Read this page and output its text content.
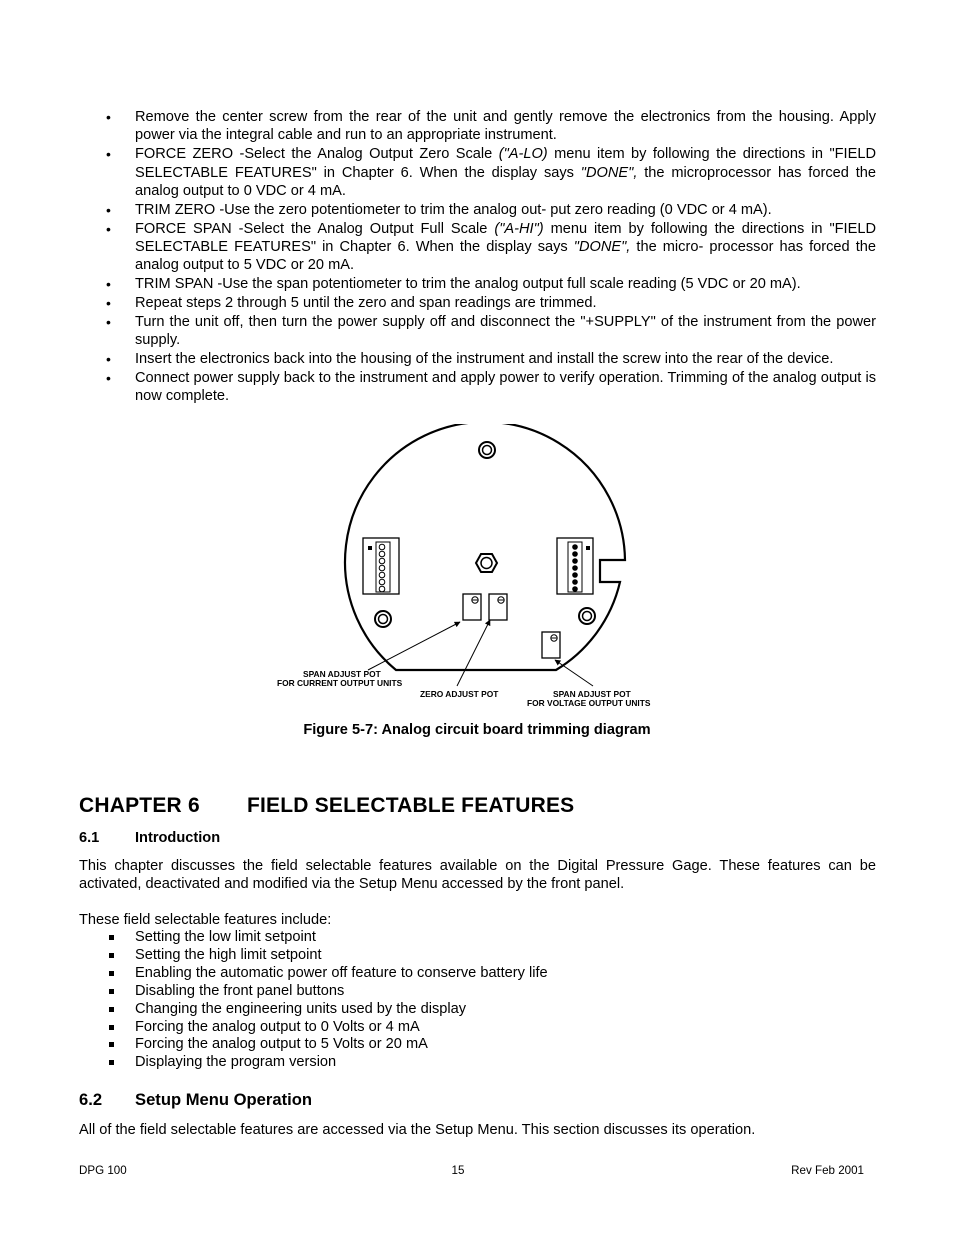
• Remove the center screw from the rear of the unit and gently remove the electronics from the housing. Apply power via the integral cable and run to an appropriate instrument.
• FORCE ZERO -Select the Analog Output Zero Scale ("A-LO) menu item by following the directions in "FIELD SELECTABLE FEATURES" in Chapter 6. When the display says "DONE", the microprocessor has forced the analog output to 0 VDC or 4 mA.
• TRIM ZERO -Use the zero potentiometer to trim the analog out- put zero reading (0 VDC or 4 mA).
• FORCE SPAN -Select the Analog Output Full Scale ("A-HI") menu item by following the directions in "FIELD SELECTABLE FEATURES" in Chapter 6. When the display says "DONE", the micro- processor has forced the analog output to 5 VDC or 20 mA.
• TRIM SPAN -Use the span potentiometer to trim the analog output full scale reading (5 VDC or 20 mA).
• Repeat steps 2 through 5 until the zero and span readings are trimmed.
• Turn the unit off, then turn the power supply off and disconnect the "+SUPPLY" of the instrument from the power supply.
• Insert the electronics back into the housing of the instrument and install the screw into the rear of the device.
• Connect power supply back to the instrument and apply power to verify operation. Trimming of the analog output is now complete.
SPAN ADJUST POT
FOR CURRENT OUTPUT UNITS
ZERO ADJUST POT	SPAN ADJUST POT
FOR VOLTAGE OUTPUT UNITS
Figure 5-7: Analog circuit board trimming diagram
CHAPTER 6 FIELD SELECTABLE FEATURES
6.1 Introduction

This chapter discusses the field selectable features available on the Digital Pressure Gage. These features can be activated, deactivated and modified via the Setup Menu accessed by the front panel.

These field selectable features include:

Setting the low limit setpoint
Setting the high limit setpoint
Enabling the automatic power off feature to conserve battery life
Disabling the front panel buttons
Changing the engineering units used by the display
Forcing the analog output to 0 Volts or 4 mA
Forcing the analog output to 5 Volts or 20 mA
Displaying the program version
6.2 Setup Menu Operation

All of the field selectable features are accessed via the Setup Menu. This section discusses its operation.

DPG 100	15	Rev Feb 2001
